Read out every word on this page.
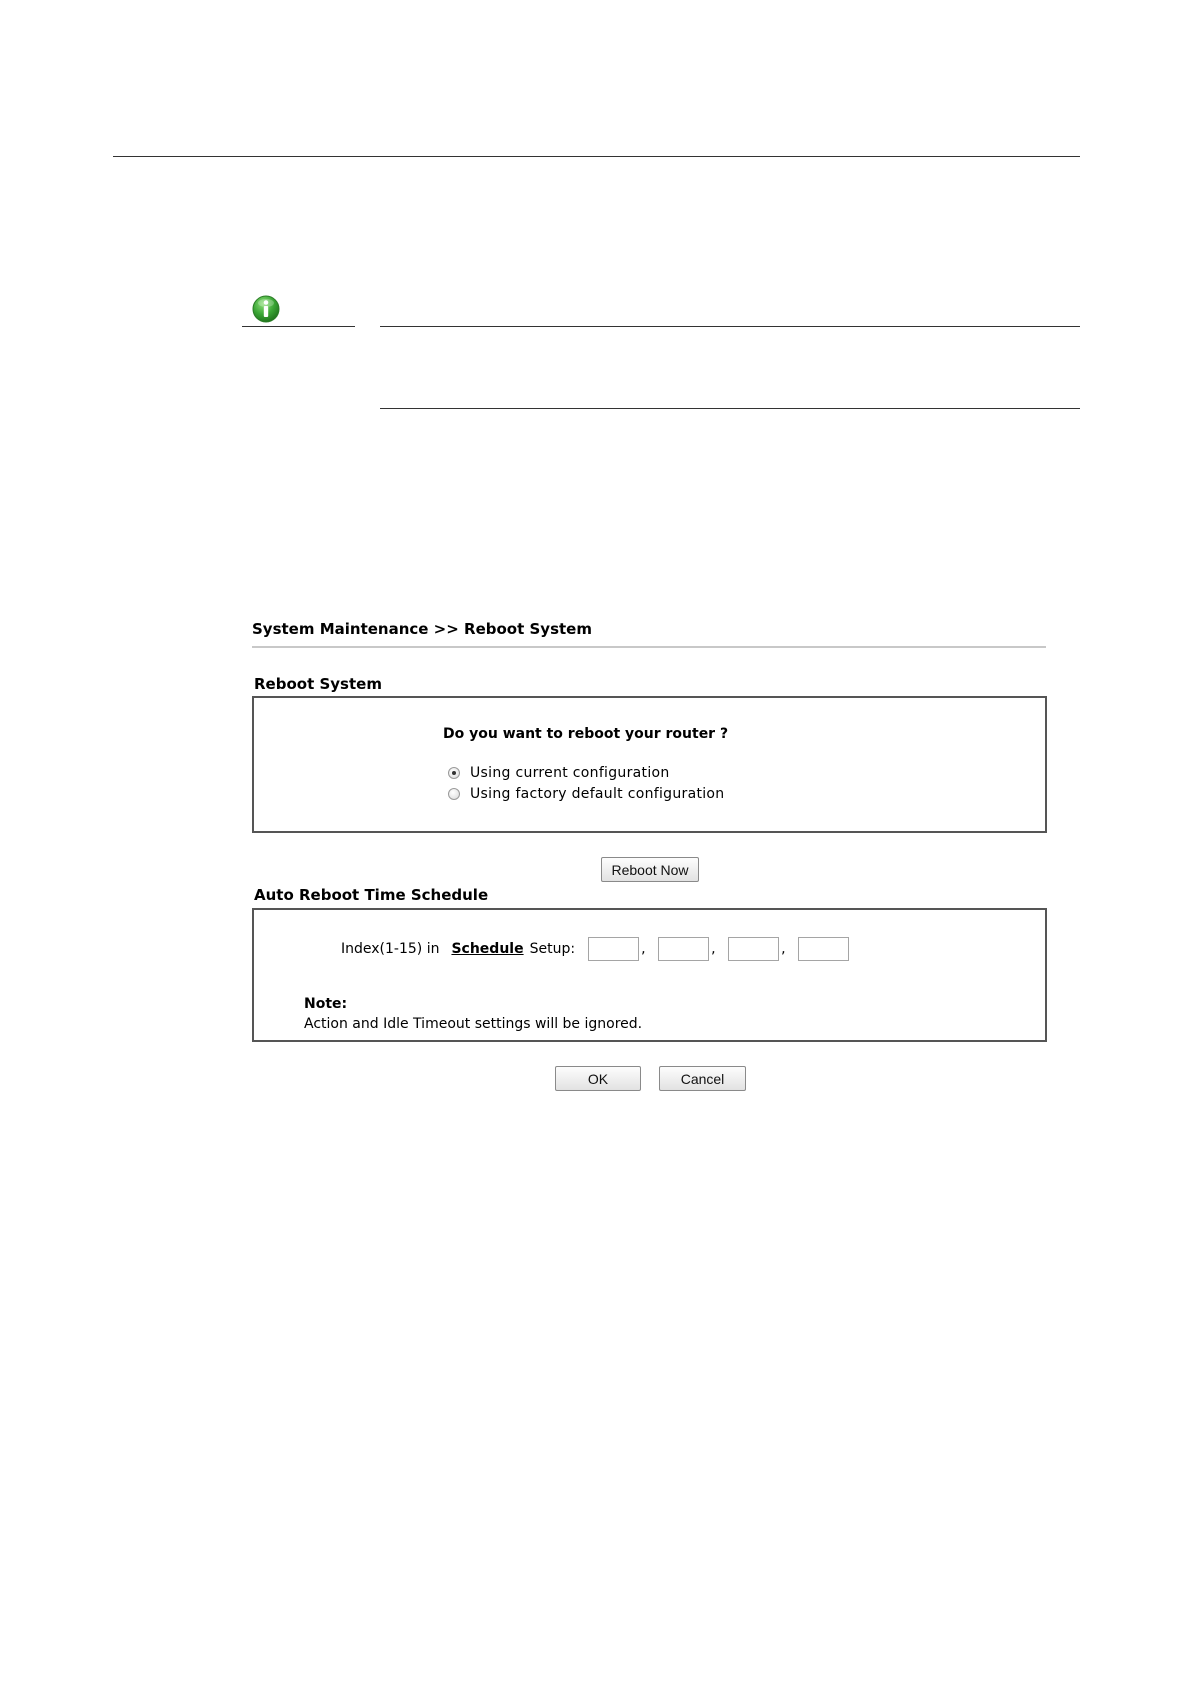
System Maintenance >> Reboot System
Reboot System
Do you want to reboot your router ?
Using current configuration
Using factory default configuration
Reboot Now
Auto Reboot Time Schedule
Index(1-15) in Schedule Setup:	,	,	,
Note:
Action and Idle Timeout settings will be ignored.
OK	Cancel
